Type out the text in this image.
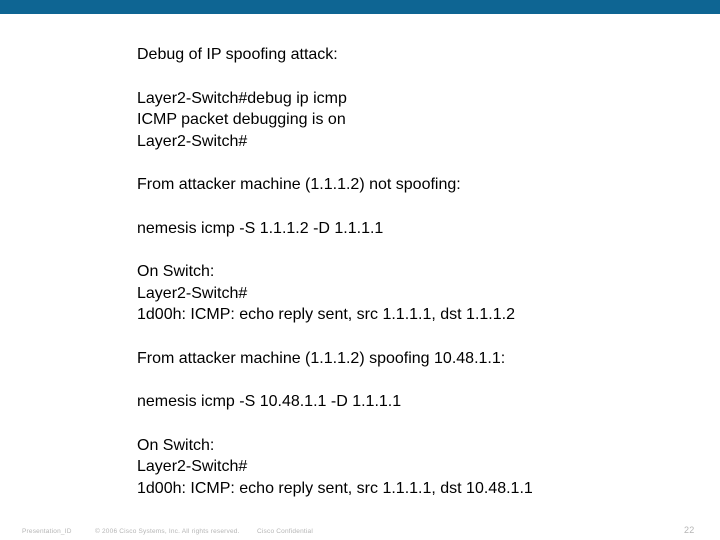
Debug of IP spoofing attack:
Layer2-Switch#debug ip icmp
ICMP packet debugging is on
Layer2-Switch#
From attacker machine (1.1.1.2) not spoofing:
nemesis icmp -S 1.1.1.2 -D 1.1.1.1
On Switch:
Layer2-Switch#
1d00h: ICMP: echo reply sent, src 1.1.1.1, dst 1.1.1.2
From attacker machine (1.1.1.2) spoofing 10.48.1.1:
nemesis icmp -S 10.48.1.1 -D 1.1.1.1
On Switch:
Layer2-Switch#
1d00h: ICMP: echo reply sent, src 1.1.1.1, dst 10.48.1.1
Presentation_ID	© 2006 Cisco Systems, Inc. All rights reserved.	Cisco Confidential	22
